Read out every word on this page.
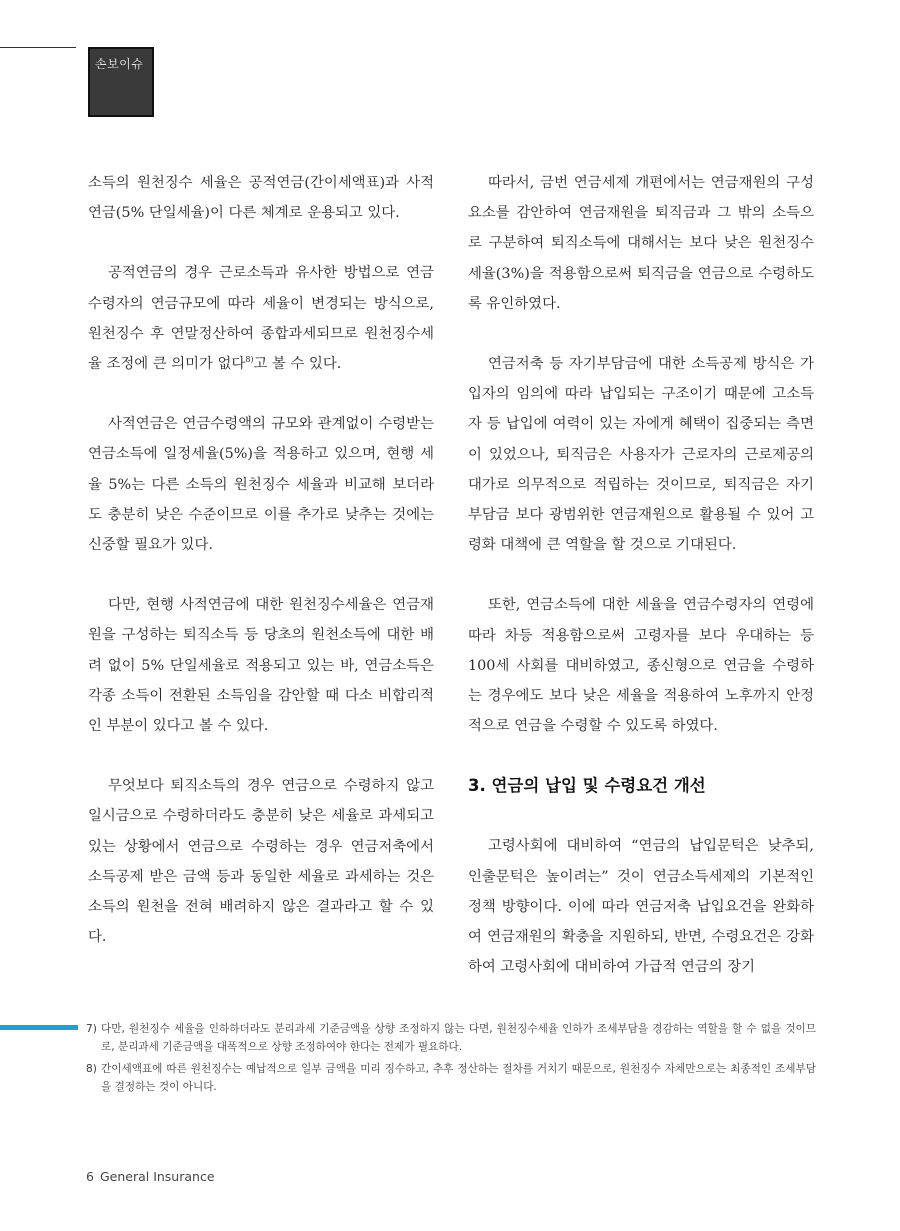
손보이슈

소득의 원천징수 세율은 공적연금(간이세액표)과 사적연금(5% 단일세율)이 다른 체계로 운용되고 있다.

공적연금의 경우 근로소득과 유사한 방법으로 연금수령자의 연금규모에 따라 세율이 변경되는 방식으로, 원천징수 후 연말정산하여 종합과세되므로 원천징수세율 조정에 큰 의미가 없다$^{8)}$고 볼 수 있다.

사적연금은 연금수령액의 규모와 관계없이 수령받는 연금소득에 일정세율(5%)을 적용하고 있으며, 현행 세율 5%는 다른 소득의 원천징수 세율과 비교해 보더라도 충분히 낮은 수준이므로 이를 추가로 낮추는 것에는 신중할 필요가 있다.

다만, 현행 사적연금에 대한 원천징수세율은 연금재원을 구성하는 퇴직소득 등 당초의 원천소득에 대한 배려 없이 5% 단일세율로 적용되고 있는 바, 연금소득은 각종 소득이 전환된 소득임을 감안할 때 다소 비합리적인 부분이 있다고 볼 수 있다.

무엇보다 퇴직소득의 경우 연금으로 수령하지 않고 일시금으로 수령하더라도 충분히 낮은 세율로 과세되고 있는 상황에서 연금으로 수령하는 경우 연금저축에서 소득공제 받은 금액 등과 동일한 세율로 과세하는 것은 소득의 원천을 전혀 배려하지 않은 결과라고 할 수 있다.

따라서, 금번 연금세제 개편에서는 연금재원의 구성요소를 감안하여 연금재원을 퇴직금과 그 밖의 소득으로 구분하여 퇴직소득에 대해서는 보다 낮은 원천징수세율(3%)을 적용함으로써 퇴직금을 연금으로 수령하도록 유인하였다.

연금저축 등 자기부담금에 대한 소득공제 방식은 가입자의 임의에 따라 납입되는 구조이기 때문에 고소득자 등 납입에 여력이 있는 자에게 혜택이 집중되는 측면이 있었으나, 퇴직금은 사용자가 근로자의 근로제공의 대가로 의무적으로 적립하는 것이므로, 퇴직금은 자기부담금 보다 광범위한 연금재원으로 활용될 수 있어 고령화 대책에 큰 역할을 할 것으로 기대된다.

또한, 연금소득에 대한 세율을 연금수령자의 연령에 따라 차등 적용함으로써 고령자를 보다 우대하는 등 100세 사회를 대비하였고, 종신형으로 연금을 수령하는 경우에도 보다 낮은 세율을 적용하여 노후까지 안정적으로 연금을 수령할 수 있도록 하였다.

3. 연금의 납입 및 수령요건 개선

고령사회에 대비하여 “연금의 납입문턱은 낮추되, 인출문턱은 높이려는” 것이 연금소득세제의 기본적인 정책 방향이다. 이에 따라 연금저축 납입요건을 완화하여 연금재원의 확충을 지원하되, 반면, 수령요건은 강화하여 고령사회에 대비하여 가급적 연금의 장기

7) 다만, 원천징수 세율을 인하하더라도 분리과세 기준금액을 상향 조정하지 않는 다면, 원천징수세율 인하가 조세부담을 경감하는 역할을 할 수 없을 것이므로, 분리과세 기준금액을 대폭적으로 상향 조정하여야 한다는 전제가 필요하다.
8) 간이세액표에 따른 원천징수는 예납적으로 일부 금액을 미리 징수하고, 추후 정산하는 절차를 거치기 때문으로, 원천징수 자체만으로는 최종적인 조세부담을 결정하는 것이 아니다.
6 General Insurance
